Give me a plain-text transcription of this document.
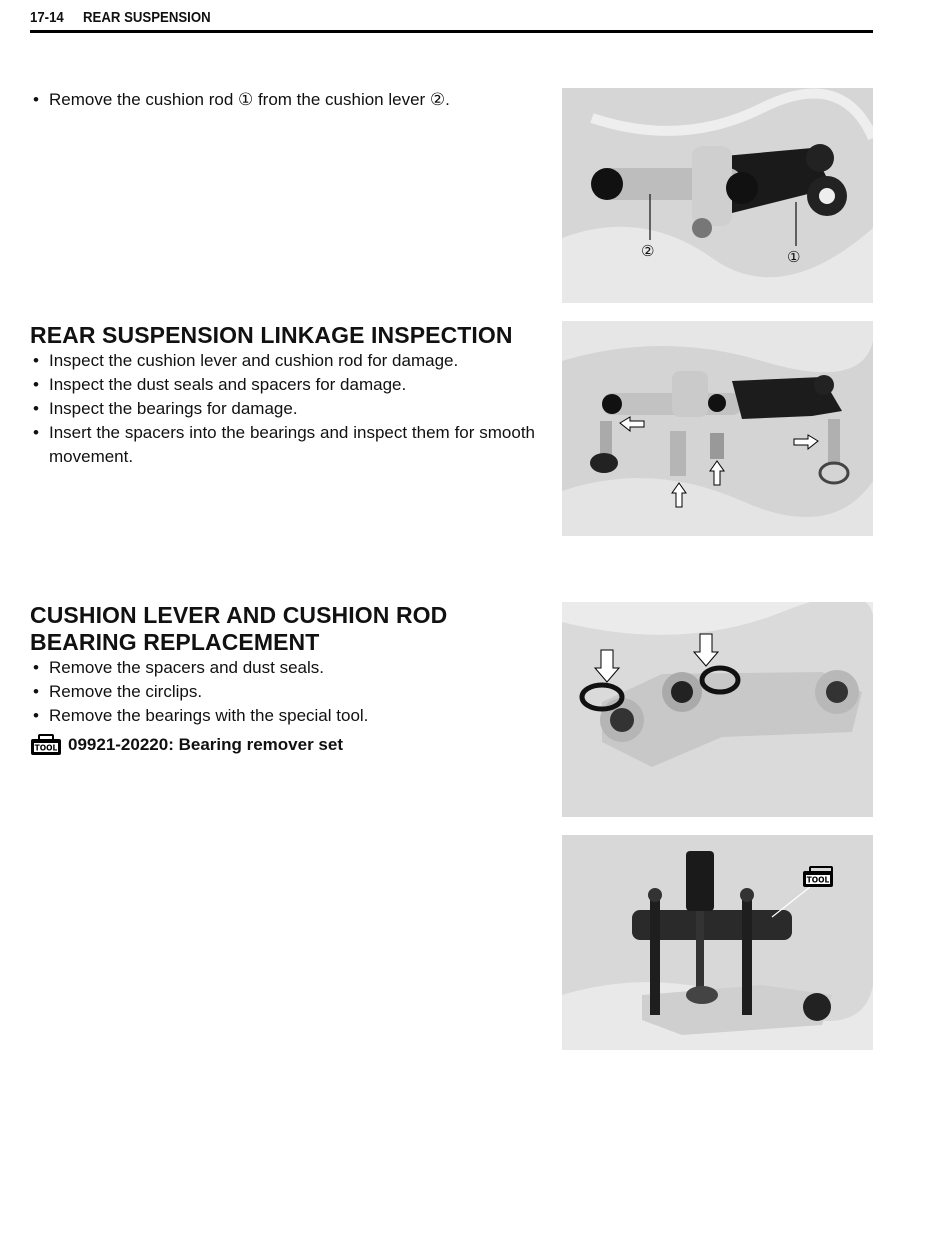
17-14 REAR SUSPENSION
• Remove the cushion rod ① from the cushion lever ②.
②	①
REAR SUSPENSION LINKAGE INSPECTION
• Inspect the cushion lever and cushion rod for damage.
• Inspect the dust seals and spacers for damage.
• Inspect the bearings for damage.
• Insert the spacers into the bearings and inspect them for smooth movement.
CUSHION LEVER AND CUSHION ROD
BEARING REPLACEMENT
• Remove the spacers and dust seals.
• Remove the circlips.
• Remove the bearings with the special tool.
TOOL 09921-20220: Bearing remover set
TOOL
